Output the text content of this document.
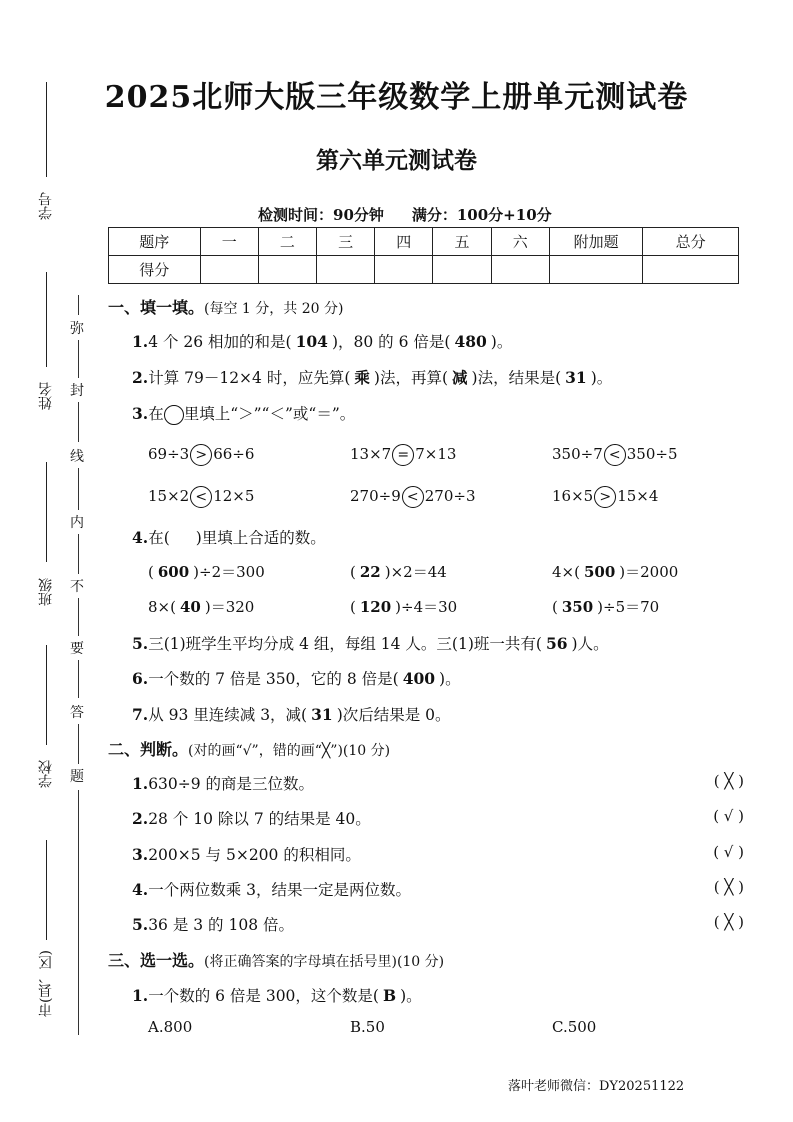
学号
姓名
班级
学校
市(县、区)
弥
封
线
内
不
要
答
题
2025北师大版三年级数学上册单元测试卷
第六单元测试卷
检测时间：90分钟 满分：100分+10分
题序	一	二	三	四	五	六	附加题	总分
得分								
一、填一填。(每空 1 分，共 20 分)
1.4 个 26 相加的和是( 104 )，80 的 6 倍是( 480 )。
2.计算 79－12×4 时，应先算( 乘 )法，再算( 减 )法，结果是( 31 )。
3.在 里填上“＞”“＜”或“＝”。
69÷3 > 66÷6	13×7 = 7×13	350÷7 < 350÷5
15×2 < 12×5	270÷9 < 270÷3	16×5 > 15×4
4.在( )里填上合适的数。
( 600 )÷2＝300	( 22 )×2＝44	4×( 500 )＝2000
8×( 40 )＝320	( 120 )÷4＝30	( 350 )÷5＝70
5.三(1)班学生平均分成 4 组，每组 14 人。三(1)班一共有( 56 )人。
6.一个数的 7 倍是 350，它的 8 倍是( 400 )。
7.从 93 里连续减 3，减( 31 )次后结果是 0。
二、判断。(对的画“√”，错的画“╳”)(10 分)
1.630÷9 的商是三位数。	( ╳ )
2.28 个 10 除以 7 的结果是 40。	( √ )
3.200×5 与 5×200 的积相同。	( √ )
4.一个两位数乘 3，结果一定是两位数。	( ╳ )
5.36 是 3 的 108 倍。	( ╳ )
三、选一选。(将正确答案的字母填在括号里)(10 分)
1.一个数的 6 倍是 300，这个数是( B )。
A.800	B.50	C.500
落叶老师微信：DY20251122
